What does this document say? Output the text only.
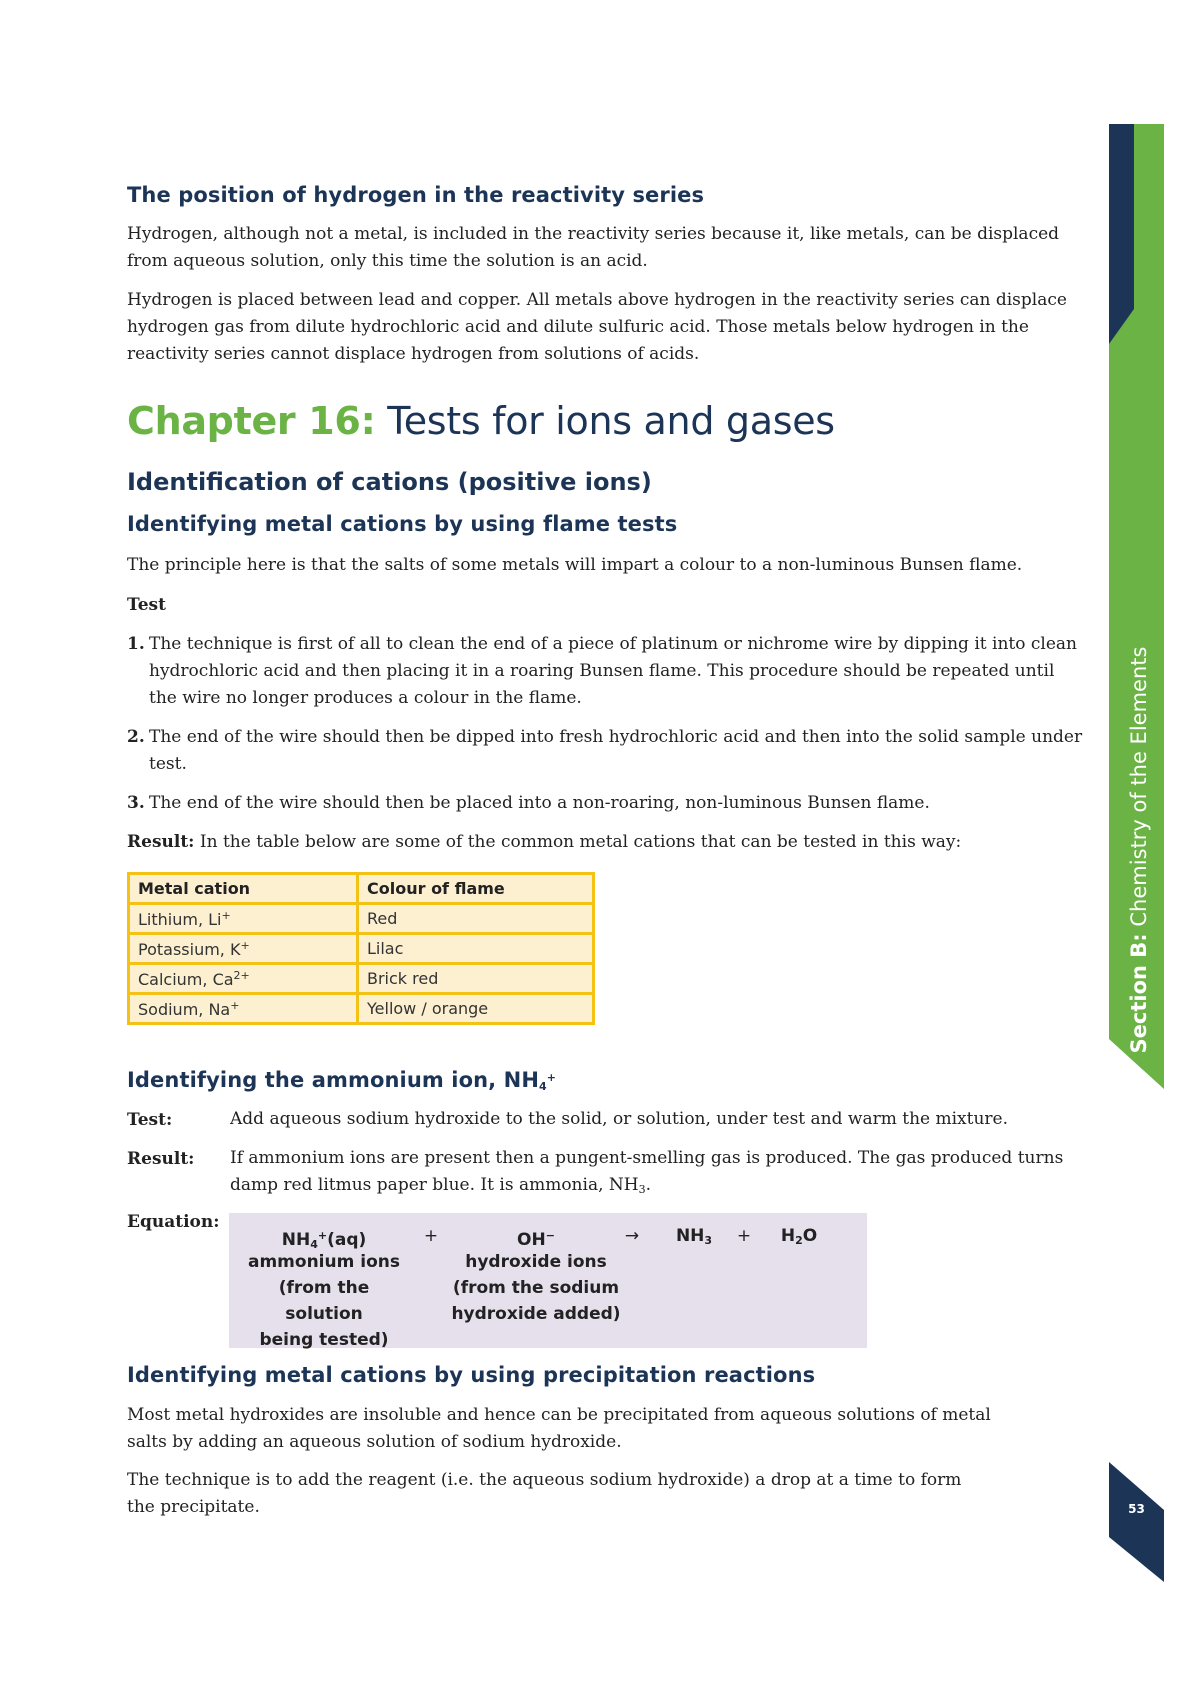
The position of hydrogen in the reactivity series

Hydrogen, although not a metal, is included in the reactivity series because it, like metals, can be displaced from aqueous solution, only this time the solution is an acid.

Hydrogen is placed between lead and copper. All metals above hydrogen in the reactivity series can displace hydrogen gas from dilute hydrochloric acid and dilute sulfuric acid. Those metals below hydrogen in the reactivity series cannot displace hydrogen from solutions of acids.

Chapter 16: Tests for ions and gases
Identification of cations (positive ions)
Identifying metal cations by using flame tests

The principle here is that the salts of some metals will impart a colour to a non-luminous Bunsen flame.

Test

1. The technique is first of all to clean the end of a piece of platinum or nichrome wire by dipping it into clean hydrochloric acid and then placing it in a roaring Bunsen flame. This procedure should be repeated until the wire no longer produces a colour in the flame.
2. The end of the wire should then be dipped into fresh hydrochloric acid and then into the solid sample under test.
3. The end of the wire should then be placed into a non-roaring, non-luminous Bunsen flame.

Result: In the table below are some of the common metal cations that can be tested in this way:

Metal cation	Colour of flame
Lithium, Li+	Red
Potassium, K+	Lilac
Calcium, $Ca^{2+}$	Brick red
Sodium, Na+	Yellow / orange
Identifying the ammonium ion, $NH_4^+$

Test:	Add aqueous sodium hydroxide to the solid, or solution, under test and warm the mixture.

Result: If ammonium ions are present then a pungent-smelling gas is produced. The gas produced turns
damp red litmus paper blue. It is ammonia, $NH_3$.

Equation:

$NH_4^+(aq)$	+	OH−	→	$NH_3$	+	$H_2O$
ammonium ions
(from the solution
being tested)
hydroxide ions
(from the sodium
hydroxide added)
Identifying metal cations by using precipitation reactions

Most metal hydroxides are insoluble and hence can be precipitated from aqueous solutions of metal
salts by adding an aqueous solution of sodium hydroxide.

The technique is to add the reagent (i.e. the aqueous sodium hydroxide) a drop at a time to form
the precipitate.

Section B: Chemistry of the Elements
53
